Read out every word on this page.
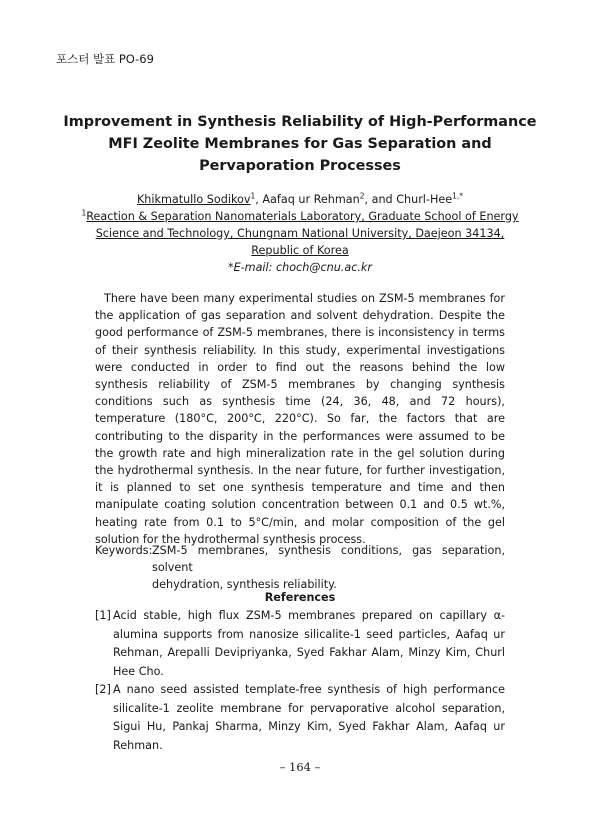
포스터 발표 PO-69
Improvement in Synthesis Reliability of High-Performance
MFI Zeolite Membranes for Gas Separation and
Pervaporation Processes
Khikmatullo Sodikov$^1$, Aafaq ur Rehman$^2$, and Churl-Hee$^{1,*}$
$^1$Reaction & Separation Nanomaterials Laboratory, Graduate School of Energy
Science and Technology, Chungnam National University, Daejeon 34134,
Republic of Korea
*E-mail: choch@cnu.ac.kr

There have been many experimental studies on ZSM-5 membranes for the application of gas separation and solvent dehydration. Despite the good performance of ZSM-5 membranes, there is inconsistency in terms of their synthesis reliability. In this study, experimental investigations were conducted in order to find out the reasons behind the low synthesis reliability of ZSM-5 membranes by changing synthesis conditions such as synthesis time (24, 36, 48, and 72 hours), temperature (180°C, 200°C, 220°C). So far, the factors that are contributing to the disparity in the performances were assumed to be the growth rate and high mineralization rate in the gel solution during the hydrothermal synthesis. In the near future, for further investigation, it is planned to set one synthesis temperature and time and then manipulate coating solution concentration between 0.1 and 0.5 wt.%, heating rate from 0.1 to 5°C/min, and molar composition of the gel solution for the hydrothermal synthesis process.

Keywords: ZSM-5 membranes, synthesis conditions, gas separation, solvent
dehydration, synthesis reliability.
References
[1] Acid stable, high flux ZSM-5 membranes prepared on capillary α-alumina supports from nanosize silicalite-1 seed particles, Aafaq ur Rehman, Arepalli Devipriyanka, Syed Fakhar Alam, Minzy Kim, Churl Hee Cho.
[2] A nano seed assisted template-free synthesis of high performance silicalite-1 zeolite membrane for pervaporative alcohol separation, Sigui Hu, Pankaj Sharma, Minzy Kim, Syed Fakhar Alam, Aafaq ur Rehman.
– 164 –
